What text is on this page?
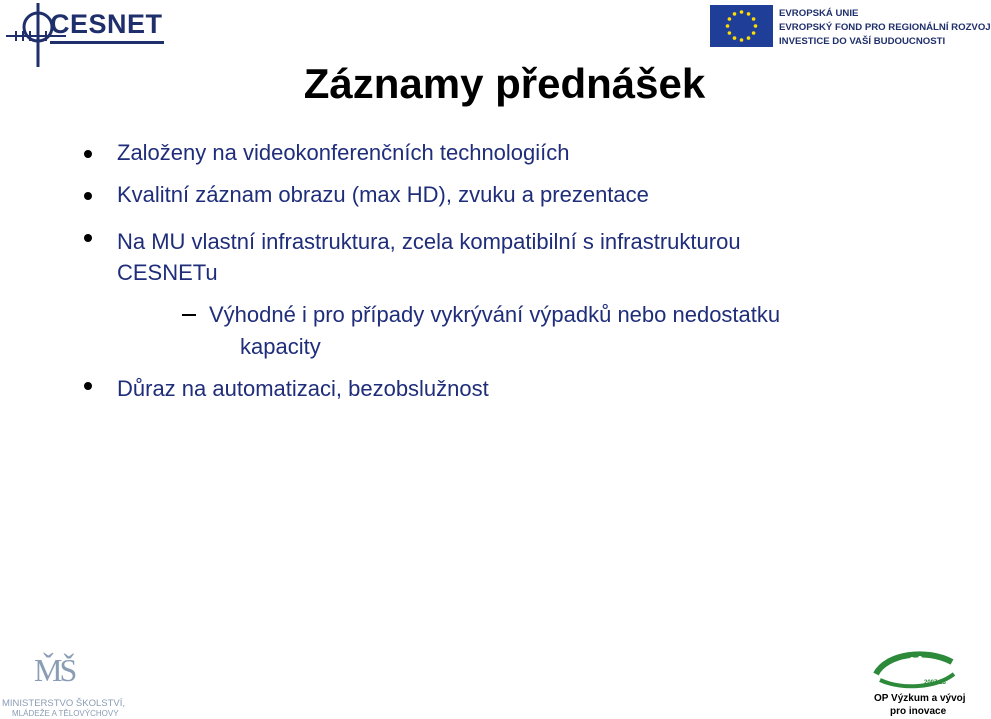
CESNET	EVROPSKÁ UNIE
EVROPSKÝ FOND PRO REGIONÁLNÍ ROZVOJ
INVESTICE DO VAŠÍ BUDOUCNOSTI
Záznamy přednášek
Založeny na videokonferenčních technologiích
Kvalitní záznam obrazu (max HD), zvuku a prezentace
Na MU vlastní infrastruktura, zcela kompatibilní s infrastrukturou
CESNETu
Výhodné i pro případy vykrývání výpadků nebo nedostatku
kapacity
Důraz na automatizaci, bezobslužnost
M̌Š

MINISTERSTVO ŠKOLSTVÍ,
MLÁDEŽE A TĚLOVÝCHOVY
2007-13
OP Výzkum a vývoj
pro inovace
